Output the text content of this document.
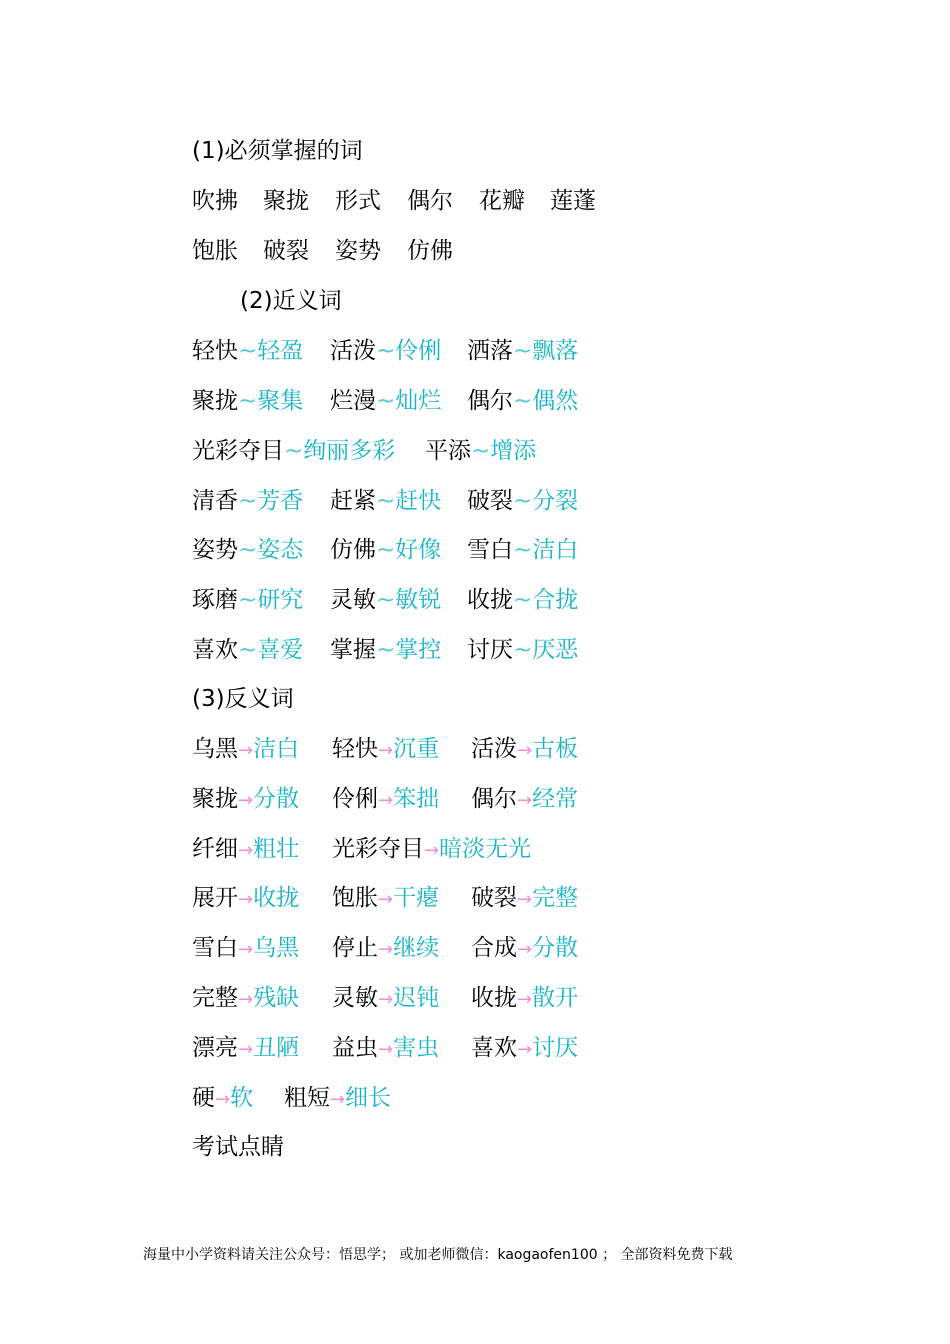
(1)必须掌握的词
吹拂 聚拢 形式 偶尔 花瓣 莲蓬
饱胀 破裂 姿势 仿佛
(2)近义词
轻快~轻盈 活泼~伶俐 洒落~飘落
聚拢~聚集 烂漫~灿烂 偶尔~偶然
光彩夺目~绚丽多彩 平添~增添
清香~芳香 赶紧~赶快 破裂~分裂
姿势~姿态 仿佛~好像 雪白~洁白
琢磨~研究 灵敏~敏锐 收拢~合拢
喜欢~喜爱 掌握~掌控 讨厌~厌恶
(3)反义词
乌黑→洁白 轻快→沉重 活泼→古板
聚拢→分散 伶俐→笨拙 偶尔→经常
纤细→粗壮 光彩夺目→暗淡无光
展开→收拢 饱胀→干瘪 破裂→完整
雪白→乌黑 停止→继续 合成→分散
完整→残缺 灵敏→迟钝 收拢→散开
漂亮→丑陋 益虫→害虫 喜欢→讨厌
硬→软 粗短→细长
考试点睛
海量中小学资料请关注公众号：悟思学； 或加老师微信：kaogaofen100 ； 全部资料免费下载
